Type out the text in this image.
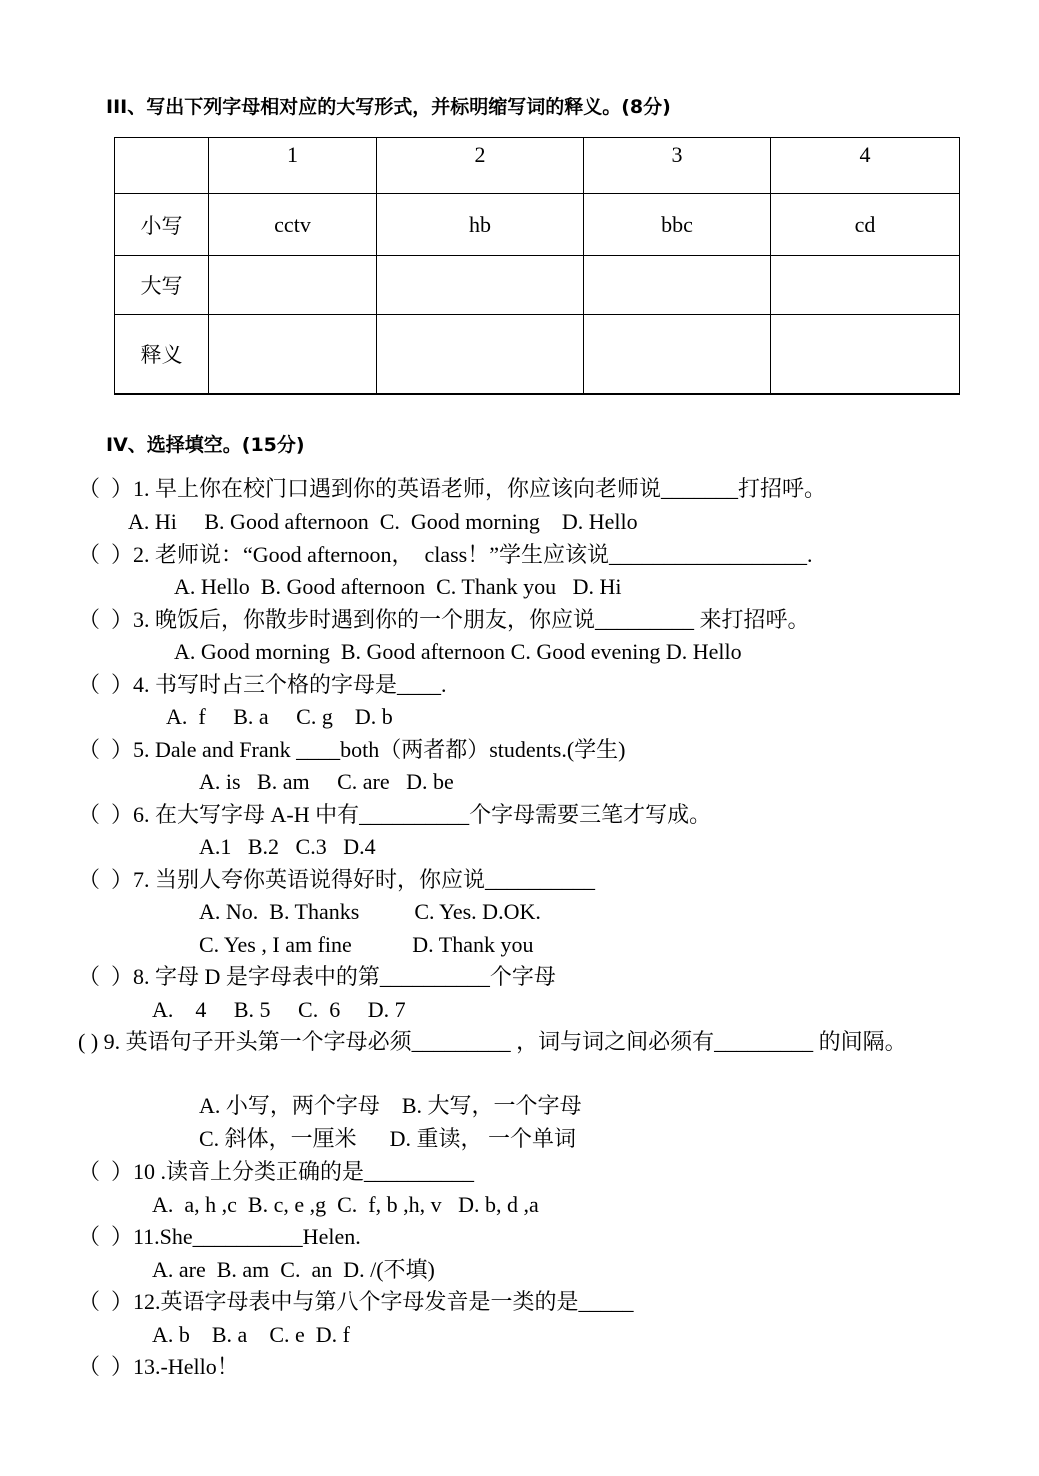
III、写出下列字母相对应的大写形式，并标明缩写词的释义。(8分)
	1	2	3	4
小写	cctv	hb	bbc	cd
大写				
释义				
IV、选择填空。(15分)
（  ）1. 早上你在校门口遇到你的英语老师，你应该向老师说_______打招呼。
A. Hi     B. Good afternoon  C.  Good morning    D. Hello
（  ）2. 老师说：“Good afternoon，  class！”学生应该说__________________.
A. Hello  B. Good afternoon  C. Thank you   D. Hi
（  ）3. 晚饭后，你散步时遇到你的一个朋友，你应说_________ 来打招呼。
A. Good morning  B. Good afternoon C. Good evening D. Hello
（  ）4. 书写时占三个格的字母是____.
A.  f     B. a     C. g    D. b
（  ）5. Dale and Frank ____both（两者都）students.(学生)
A. is   B. am     C. are   D. be
（  ）6. 在大写字母 A-H 中有__________个字母需要三笔才写成。
A.1   B.2   C.3   D.4
（  ）7. 当别人夸你英语说得好时，你应说__________
A. No.  B. Thanks          C. Yes. D.OK.
C. Yes , I am fine           D. Thank you
（  ）8. 字母 D 是字母表中的第__________个字母
A.    4     B. 5     C.  6     D. 7
( ) 9. 英语句子开头第一个字母必须_________ ，词与词之间必须有_________ 的间隔。
A. 小写，两个字母    B. 大写，一个字母
C. 斜体，一厘米      D. 重读， 一个单词
（  ）10 .读音上分类正确的是__________
A.  a, h ,c  B. c, e ,g  C.  f, b ,h, v   D. b, d ,a
（  ）11.She__________Helen.
A. are  B. am  C.  an  D. /(不填)
（  ）12.英语字母表中与第八个字母发音是一类的是_____
A. b    B. a    C. e  D. f
（  ）13.-Hello！
